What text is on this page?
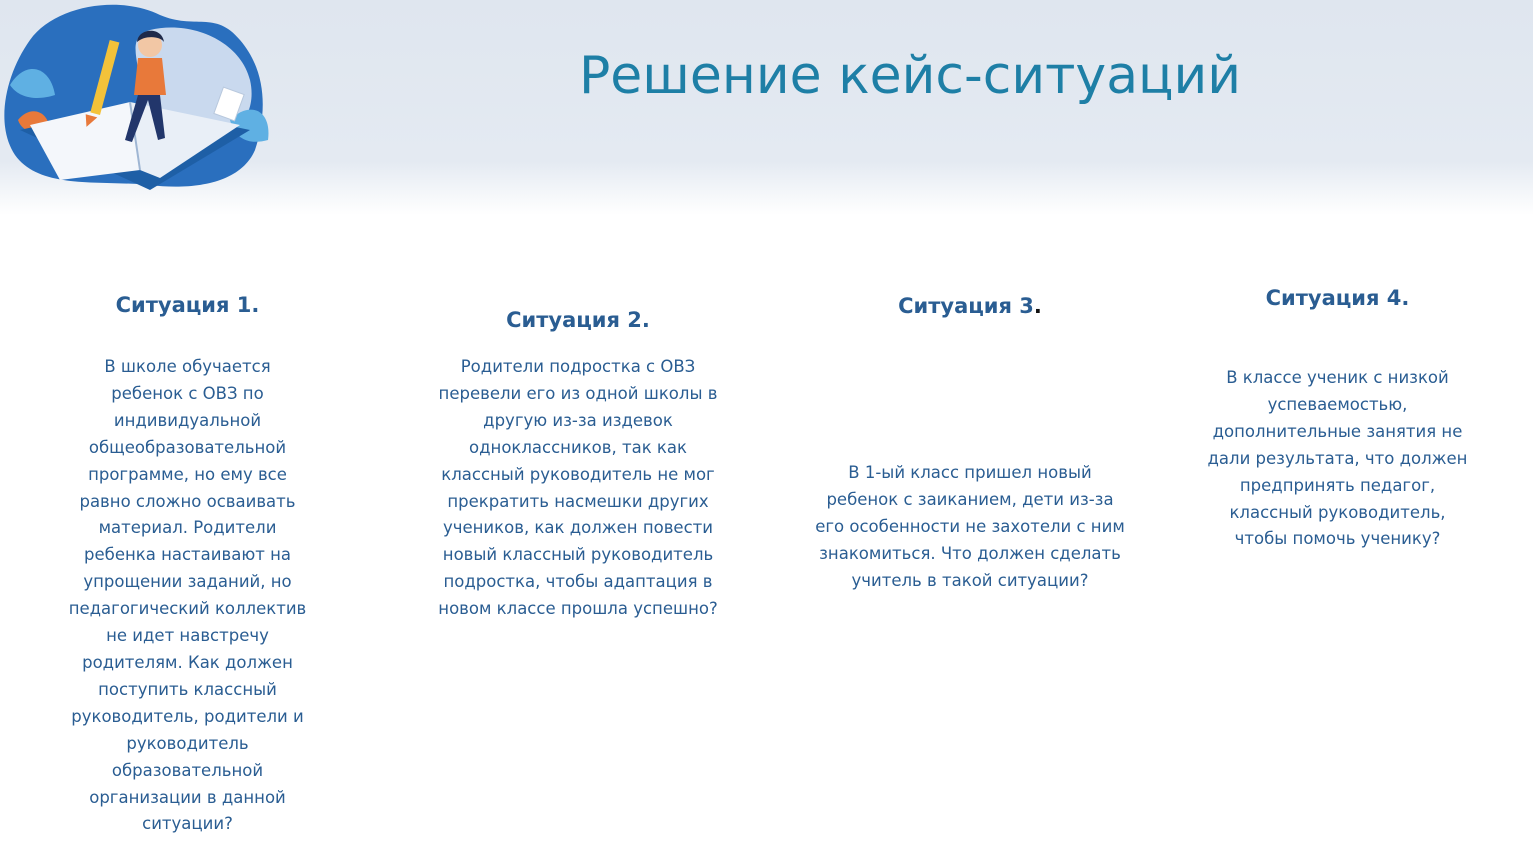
Решение кейс-ситуаций
Ситуация 1.
В школе обучается
ребенок с ОВЗ по
индивидуальной
общеобразовательной
программе, но ему все
равно сложно осваивать
материал. Родители
ребенка настаивают на
упрощении заданий, но
педагогический коллектив
не идет навстречу
родителям. Как должен
поступить классный
руководитель, родители и
руководитель
образовательной
организации в данной
ситуации?
Ситуация 2.
Родители подростка с ОВЗ
перевели его из одной школы в
другую из-за издевок
одноклассников, так как
классный руководитель не мог
прекратить насмешки других
учеников, как должен повести
новый классный руководитель
подростка, чтобы адаптация в
новом классе прошла успешно?
Ситуация 3.
В 1-ый класс пришел новый
ребенок с заиканием, дети из-за
его особенности не захотели с ним
знакомиться. Что должен сделать
учитель в такой ситуации?
Ситуация 4.
В классе ученик с низкой
успеваемостью,
дополнительные занятия не
дали результата, что должен
предпринять педагог,
классный руководитель,
чтобы помочь ученику?
